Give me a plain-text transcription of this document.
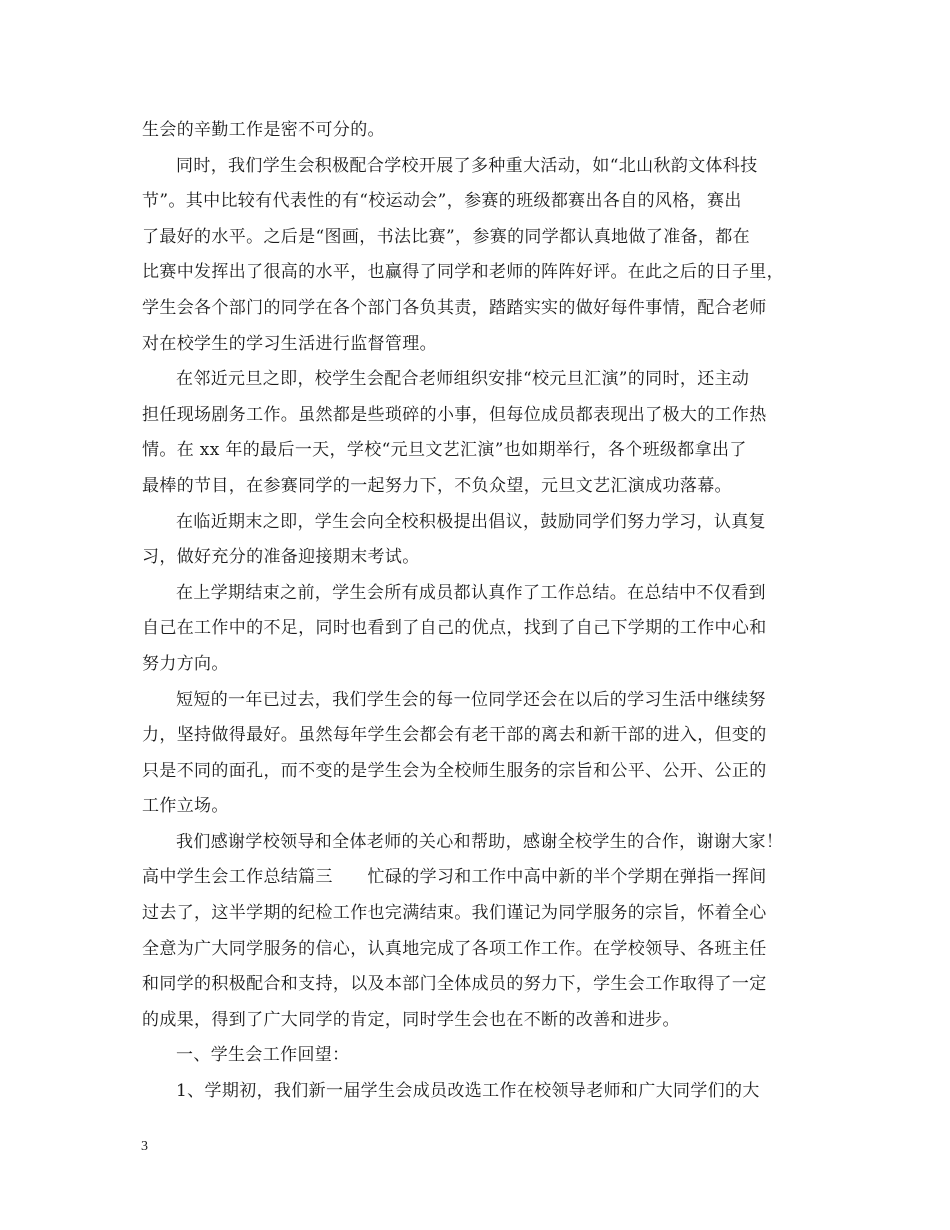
生会的辛勤工作是密不可分的。
同时，我们学生会积极配合学校开展了多种重大活动，如“北山秋韵文体科技
节”。其中比较有代表性的有“校运动会”，参赛的班级都赛出各自的风格，赛出
了最好的水平。之后是“图画，书法比赛”，参赛的同学都认真地做了准备，都在
比赛中发挥出了很高的水平，也赢得了同学和老师的阵阵好评。在此之后的日子里，
学生会各个部门的同学在各个部门各负其责，踏踏实实的做好每件事情，配合老师
对在校学生的学习生活进行监督管理。
在邻近元旦之即，校学生会配合老师组织安排“校元旦汇演”的同时，还主动
担任现场剧务工作。虽然都是些琐碎的小事，但每位成员都表现出了极大的工作热
情。在 xx 年的最后一天，学校“元旦文艺汇演”也如期举行，各个班级都拿出了
最棒的节目，在参赛同学的一起努力下，不负众望，元旦文艺汇演成功落幕。
在临近期末之即，学生会向全校积极提出倡议，鼓励同学们努力学习，认真复
习，做好充分的准备迎接期末考试。
在上学期结束之前，学生会所有成员都认真作了工作总结。在总结中不仅看到
自己在工作中的不足，同时也看到了自己的优点，找到了自己下学期的工作中心和
努力方向。
短短的一年已过去，我们学生会的每一位同学还会在以后的学习生活中继续努
力，坚持做得最好。虽然每年学生会都会有老干部的离去和新干部的进入，但变的
只是不同的面孔，而不变的是学生会为全校师生服务的宗旨和公平、公开、公正的
工作立场。
我们感谢学校领导和全体老师的关心和帮助，感谢全校学生的合作，谢谢大家！
高中学生会工作总结篇三　　忙碌的学习和工作中高中新的半个学期在弹指一挥间
过去了，这半学期的纪检工作也完满结束。我们谨记为同学服务的宗旨，怀着全心
全意为广大同学服务的信心，认真地完成了各项工作工作。在学校领导、各班主任
和同学的积极配合和支持，以及本部门全体成员的努力下，学生会工作取得了一定
的成果，得到了广大同学的肯定，同时学生会也在不断的改善和进步。
一、学生会工作回望：
1、学期初，我们新一届学生会成员改选工作在校领导老师和广大同学们的大
3
